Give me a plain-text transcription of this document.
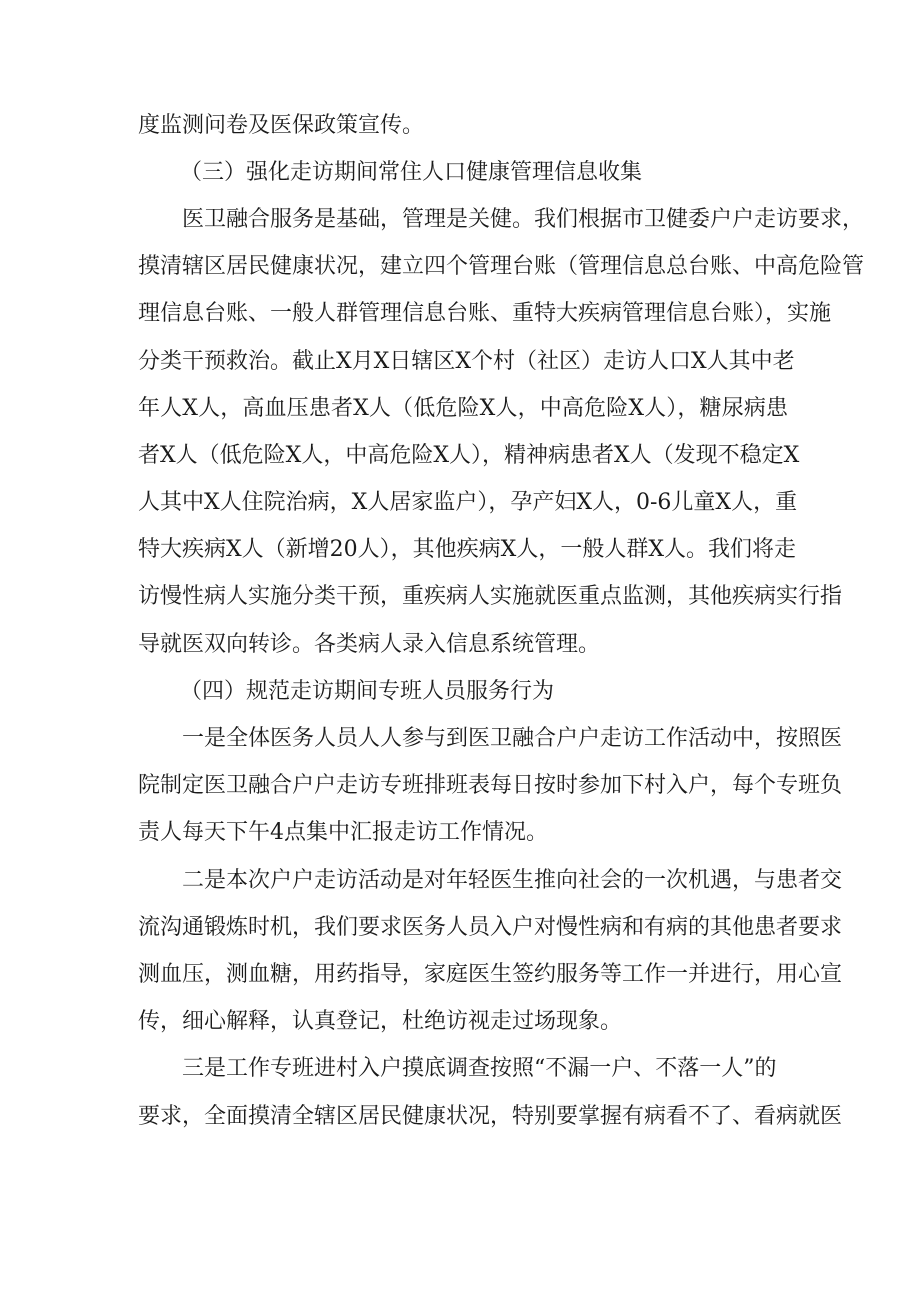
度监测问卷及医保政策宣传。
（三）强化走访期间常住人口健康管理信息收集
医卫融合服务是基础，管理是关健。我们根据市卫健委户户走访要求，
摸清辖区居民健康状况，建立四个管理台账（管理信息总台账、中高危险管
理信息台账、一般人群管理信息台账、重特大疾病管理信息台账），实施
分类干预救治。截止X月X日辖区X个村（社区）走访人口X人其中老
年人X人，高血压患者X人（低危险X人，中高危险X人），糖尿病患
者X人（低危险X人，中高危险X人），精神病患者X人（发现不稳定X
人其中X人住院治病，X人居家监户），孕产妇X人，0-6儿童X人，重
特大疾病X人（新增20人），其他疾病X人，一般人群X人。我们将走
访慢性病人实施分类干预，重疾病人实施就医重点监测，其他疾病实行指
导就医双向转诊。各类病人录入信息系统管理。
（四）规范走访期间专班人员服务行为
一是全体医务人员人人参与到医卫融合户户走访工作活动中，按照医
院制定医卫融合户户走访专班排班表每日按时参加下村入户，每个专班负
责人每天下午4点集中汇报走访工作情况。
二是本次户户走访活动是对年轻医生推向社会的一次机遇，与患者交
流沟通锻炼时机，我们要求医务人员入户对慢性病和有病的其他患者要求
测血压，测血糖，用药指导，家庭医生签约服务等工作一并进行，用心宣
传，细心解释，认真登记，杜绝访视走过场现象。
三是工作专班进村入户摸底调查按照“不漏一户、不落一人”的
要求，全面摸清全辖区居民健康状况，特别要掌握有病看不了、看病就医
